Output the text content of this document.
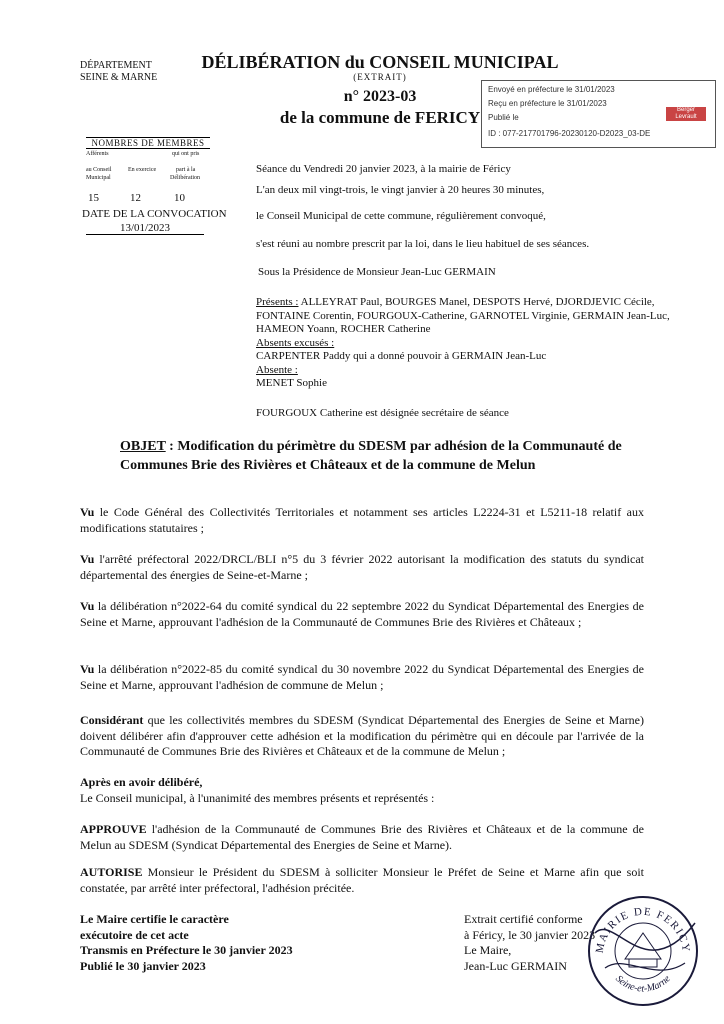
DÉPARTEMENT
SEINE & MARNE
DÉLIBÉRATION du CONSEIL MUNICIPAL
(EXTRAIT)
n° 2023-03
de la commune de FERICY
Envoyé en préfecture le 31/01/2023
Reçu en préfecture le 31/01/2023
Publié le
ID : 077-217701796-20230120-D2023_03-DE
Berger Levrault
NOMBRES DE MEMBRES
Afférents
au Conseil
Municipal
En exercice
qui ont pris
part à la
Délibération
15	12	10
DATE DE LA CONVOCATION
13/01/2023
Séance du Vendredi 20 janvier 2023, à la mairie de Féricy
L'an deux mil vingt-trois, le vingt janvier à 20 heures 30 minutes,
le Conseil Municipal de cette commune, régulièrement convoqué,
s'est réuni au nombre prescrit par la loi, dans le lieu habituel de ses séances.
Sous la Présidence de Monsieur Jean-Luc GERMAIN
Présents : ALLEYRAT Paul, BOURGES Manel, DESPOTS Hervé, DJORDJEVIC Cécile, FONTAINE Corentin, FOURGOUX-Catherine, GARNOTEL Virginie, GERMAIN Jean-Luc, HAMEON Yoann, ROCHER Catherine
Absents excusés :
CARPENTER Paddy qui a donné pouvoir à GERMAIN Jean-Luc
Absente :
MENET Sophie
FOURGOUX Catherine est désignée secrétaire de séance
OBJET : Modification du périmètre du SDESM par adhésion de la Communauté de Communes Brie des Rivières et Châteaux et de la commune de Melun
Vu le Code Général des Collectivités Territoriales et notamment ses articles L2224-31 et L5211-18 relatif aux modifications statutaires ;
Vu l'arrêté préfectoral 2022/DRCL/BLI n°5 du 3 février 2022 autorisant la modification des statuts du syndicat départemental des énergies de Seine-et-Marne ;
Vu la délibération n°2022-64 du comité syndical du 22 septembre 2022 du Syndicat Départemental des Energies de Seine et Marne, approuvant l'adhésion de la Communauté de Communes Brie des Rivières et Châteaux ;
Vu la délibération n°2022-85 du comité syndical du 30 novembre 2022 du Syndicat Départemental des Energies de Seine et Marne, approuvant l'adhésion de commune de Melun ;
Considérant que les collectivités membres du SDESM (Syndicat Départemental des Energies de Seine et Marne) doivent délibérer afin d'approuver cette adhésion et la modification du périmètre qui en découle par l'arrivée de la Communauté de Communes Brie des Rivières et Châteaux et de la commune de Melun ;
Après en avoir délibéré,
Le Conseil municipal, à l'unanimité des membres présents et représentés :
APPROUVE l'adhésion de la Communauté de Communes Brie des Rivières et Châteaux et de la commune de Melun au SDESM (Syndicat Départemental des Energies de Seine et Marne).
AUTORISE Monsieur le Président du SDESM à solliciter Monsieur le Préfet de Seine et Marne afin que soit constatée, par arrêté inter préfectoral, l'adhésion précitée.
Le Maire certifie le caractère
exécutoire de cet acte
Transmis en Préfecture le 30 janvier 2023
Publié le 30 janvier 2023
Extrait certifié conforme
à Féricy, le 30 janvier 2023
Le Maire,
Jean-Luc GERMAIN
MAIRIE DE FERICY
Seine-et-Marne
